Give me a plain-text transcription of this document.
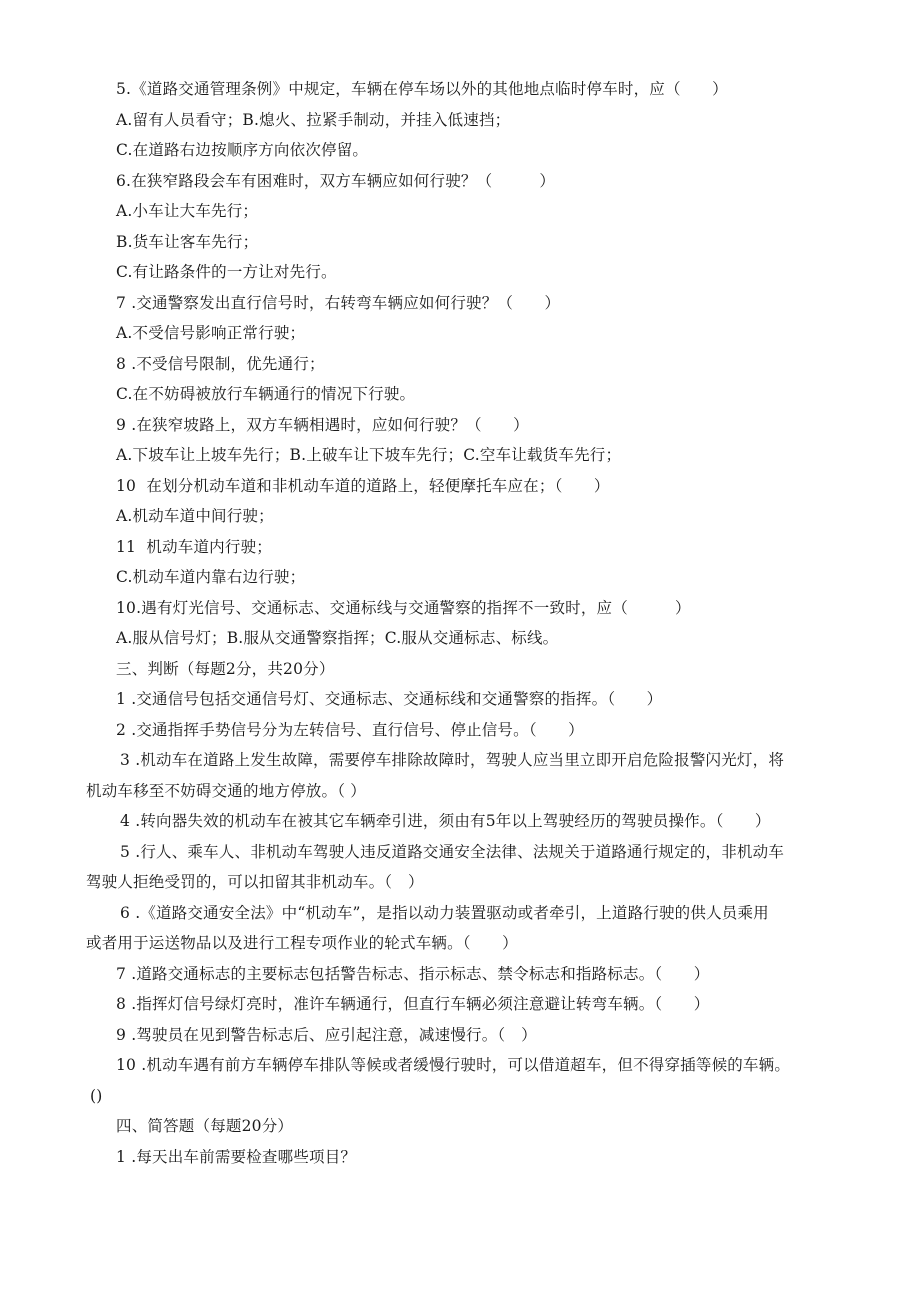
5.《道路交通管理条例》中规定，车辆在停车场以外的其他地点临时停车时，应（　　）
A.留有人员看守；B.熄火、拉紧手制动，并挂入低速挡；
C.在道路右边按顺序方向依次停留。
6.在狭窄路段会车有困难时，双方车辆应如何行驶？（　　　）
A.小车让大车先行；
B.货车让客车先行；
C.有让路条件的一方让对先行。
7 .交通警察发出直行信号时，右转弯车辆应如何行驶？（　　）
A.不受信号影响正常行驶；
8 .不受信号限制，优先通行；
C.在不妨碍被放行车辆通行的情况下行驶。
9 .在狭窄坡路上，双方车辆相遇时，应如何行驶？（　　）
A.下坡车让上坡车先行；B.上破车让下坡车先行；C.空车让载货车先行；
10  在划分机动车道和非机动车道的道路上，轻便摩托车应在；（　　）
A.机动车道中间行驶；
11  机动车道内行驶；
C.机动车道内靠右边行驶；
10.遇有灯光信号、交通标志、交通标线与交通警察的指挥不一致时，应（　　　）
A.服从信号灯；B.服从交通警察指挥；C.服从交通标志、标线。
三、判断（每题2分，共20分）
1 .交通信号包括交通信号灯、交通标志、交通标线和交通警察的指挥。（　　）
2 .交通指挥手势信号分为左转信号、直行信号、停止信号。（　　）
3 .机动车在道路上发生故障，需要停车排除故障时，驾驶人应当里立即开启危险报警闪光灯，将
机动车移至不妨碍交通的地方停放。（ ）
4 .转向器失效的机动车在被其它车辆牵引进，须由有5年以上驾驶经历的驾驶员操作。（　　）
5 .行人、乘车人、非机动车驾驶人违反道路交通安全法律、法规关于道路通行规定的，非机动车
驾驶人拒绝受罚的，可以扣留其非机动车。（　）
6 .《道路交通安全法》中“机动车”，是指以动力装置驱动或者牵引，上道路行驶的供人员乘用
或者用于运送物品以及进行工程专项作业的轮式车辆。（　　）
7 .道路交通标志的主要标志包括警告标志、指示标志、禁令标志和指路标志。（　　）
8 .指挥灯信号绿灯亮时，准许车辆通行，但直行车辆必须注意避让转弯车辆。（　　）
9 .驾驶员在见到警告标志后、应引起注意，减速慢行。（　）
10 .机动车遇有前方车辆停车排队等候或者缓慢行驶时，可以借道超车，但不得穿插等候的车辆。
()
四、简答题（每题20分）
1 .每天出车前需要检查哪些项目？
